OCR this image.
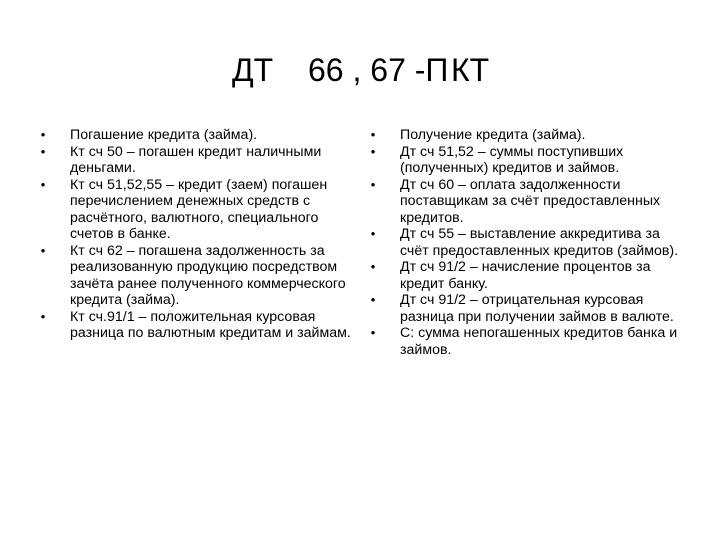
ДТ 66 , 67 -П КТ
• Погашение кредита (займа).
• Кт сч 50 – погашен кредит наличными деньгами.
• Кт сч 51,52,55 – кредит (заем) погашен перечислением денежных средств с расчётного, валютного, специального счетов в банке.
• Кт сч 62 – погашена задолженность за реализованную продукцию посредством зачёта ранее полученного коммерческого кредита (займа).
• Кт сч.91/1 – положительная курсовая разница по валютным кредитам и займам.
• Получение кредита (займа).
• Дт сч 51,52 – суммы поступивших (полученных) кредитов и займов.
• Дт сч 60 – оплата задолженности поставщикам за счёт предоставленных кредитов.
• Дт сч 55 – выставление аккредитива за счёт предоставленных кредитов (займов).
• Дт сч 91/2 – начисление процентов за кредит банку.
• Дт сч 91/2 – отрицательная курсовая разница при получении займов в валюте.
• С: сумма непогашенных кредитов банка и займов.
